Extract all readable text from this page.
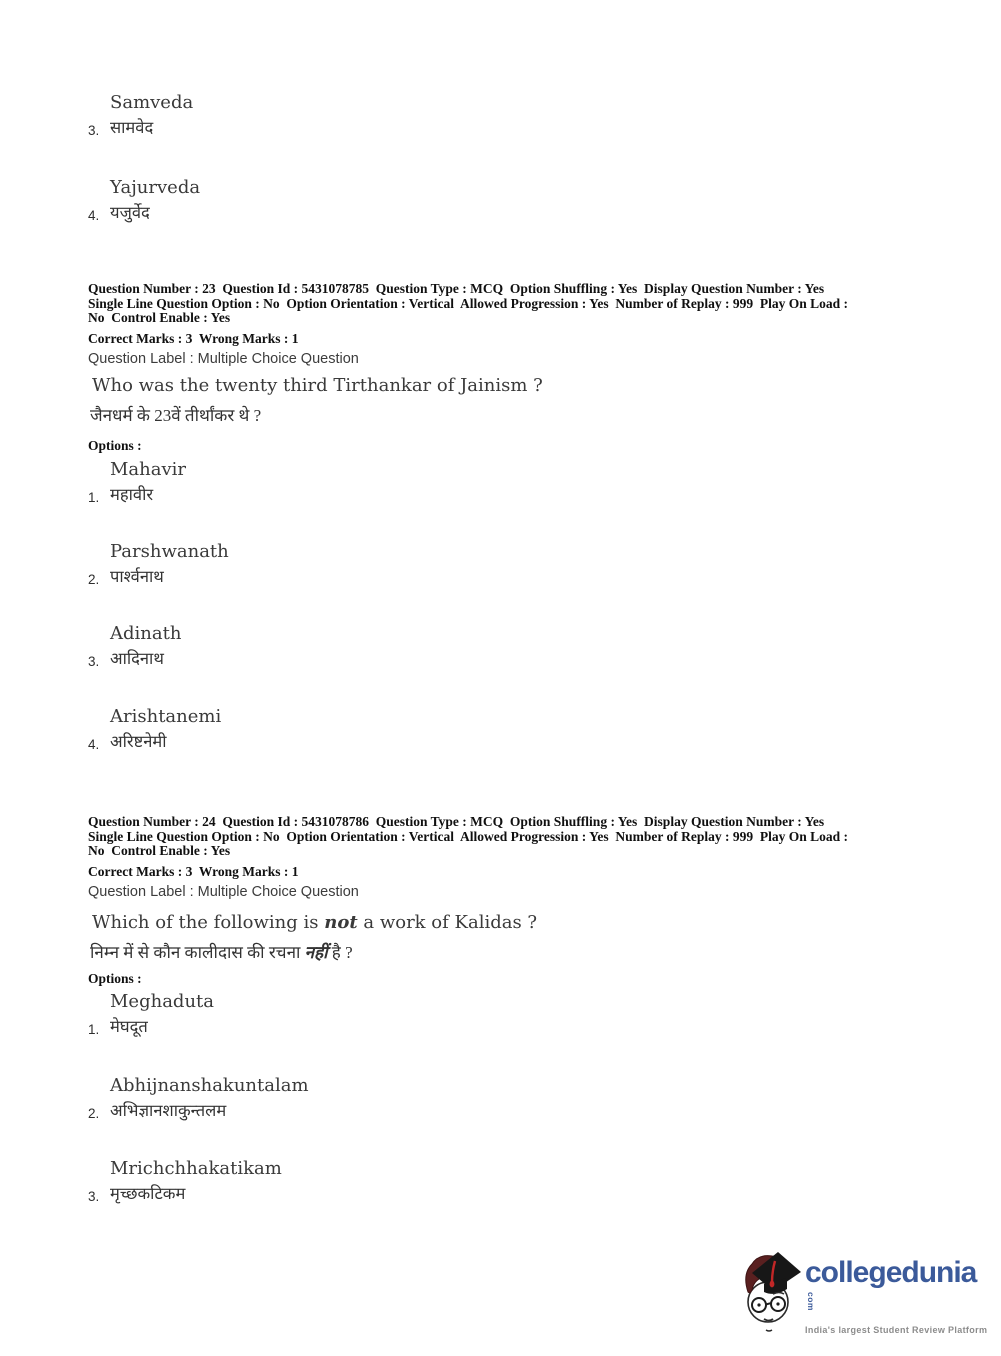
3.
Samveda
सामवेद
4.
Yajurveda
यजुर्वेद
Question Number : 23  Question Id : 5431078785  Question Type : MCQ  Option Shuffling : Yes  Display Question Number : Yes
Single Line Question Option : No  Option Orientation : Vertical  Allowed Progression : Yes  Number of Replay : 999  Play On Load :
No  Control Enable : Yes
Correct Marks : 3  Wrong Marks : 1
Question Label : Multiple Choice Question
Who was the twenty third Tirthankar of Jainism ?
जैनधर्म के 23वें तीर्थांकर थे ?
Options :
1.
Mahavir
महावीर
2.
Parshwanath
पार्श्वनाथ
3.
Adinath
आदिनाथ
4.
Arishtanemi
अरिष्टनेमी
Question Number : 24  Question Id : 5431078786  Question Type : MCQ  Option Shuffling : Yes  Display Question Number : Yes
Single Line Question Option : No  Option Orientation : Vertical  Allowed Progression : Yes  Number of Replay : 999  Play On Load :
No  Control Enable : Yes
Correct Marks : 3  Wrong Marks : 1
Question Label : Multiple Choice Question
Which of the following is not a work of Kalidas ?
निम्न में से कौन कालीदास की रचना नहीं है ?
Options :
1.
Meghaduta
मेघदूत
2.
Abhijnanshakuntalam
अभिज्ञानशाकुन्तलम
3.
Mrichchhakatikam
मृच्छकटिकम
collegeduniacom
India's largest Student Review Platform
